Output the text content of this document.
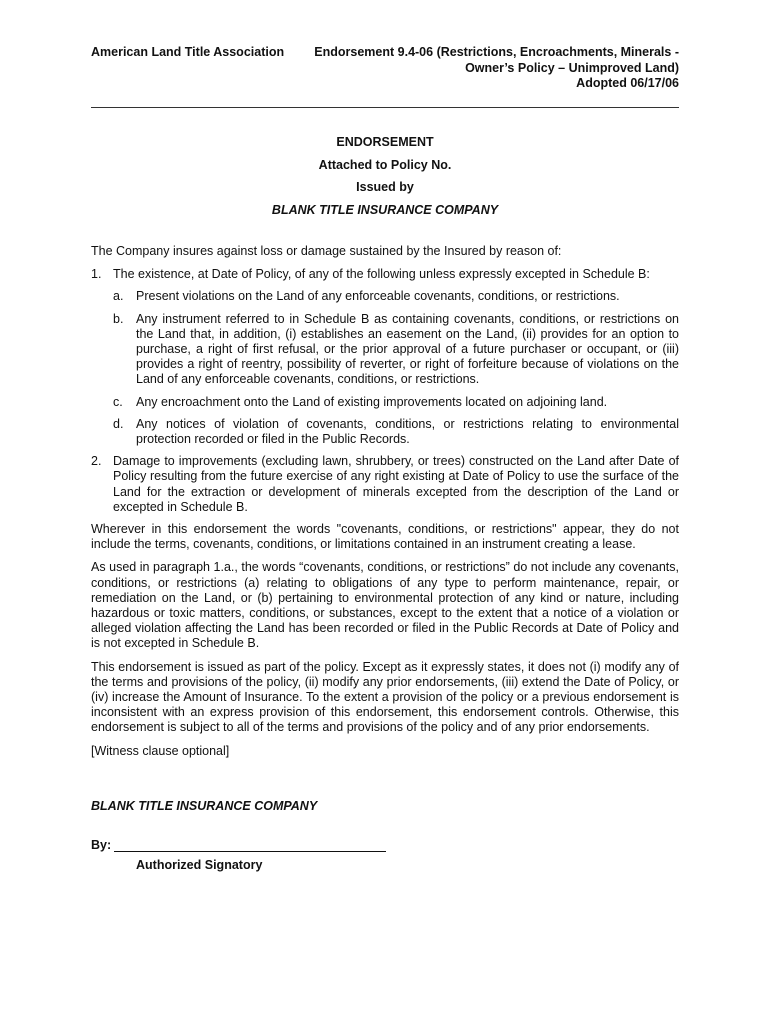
American Land Title Association Endorsement 9.4-06 (Restrictions, Encroachments, Minerals -
Owner’s Policy – Unimproved Land)
Adopted 06/17/06
ENDORSEMENT
Attached to Policy No.
Issued by
BLANK TITLE INSURANCE COMPANY

The Company insures against loss or damage sustained by the Insured by reason of:

1. The existence, at Date of Policy, of any of the following unless expressly excepted in Schedule B:
a.	Present violations on the Land of any enforceable covenants, conditions, or restrictions.
b.	Any instrument referred to in Schedule B as containing covenants, conditions, or restrictions on the Land that, in addition, (i) establishes an easement on the Land, (ii) provides for an option to purchase, a right of first refusal, or the prior approval of a future purchaser or occupant, or (iii) provides a right of reentry, possibility of reverter, or right of forfeiture because of violations on the Land of any enforceable covenants, conditions, or restrictions.
c.	Any encroachment onto the Land of existing improvements located on adjoining land.
d.	Any notices of violation of covenants, conditions, or restrictions relating to environmental protection recorded or filed in the Public Records.
2. Damage to improvements (excluding lawn, shrubbery, or trees) constructed on the Land after Date of Policy resulting from the future exercise of any right existing at Date of Policy to use the surface of the Land for the extraction or development of minerals excepted from the description of the Land or excepted in Schedule B.

Wherever in this endorsement the words "covenants, conditions, or restrictions" appear, they do not include the terms, covenants, conditions, or limitations contained in an instrument creating a lease.

As used in paragraph 1.a., the words “covenants, conditions, or restrictions” do not include any covenants, conditions, or restrictions (a) relating to obligations of any type to perform maintenance, repair, or remediation on the Land, or (b) pertaining to environmental protection of any kind or nature, including hazardous or toxic matters, conditions, or substances, except to the extent that a notice of a violation or alleged violation affecting the Land has been recorded or filed in the Public Records at Date of Policy and is not excepted in Schedule B.

This endorsement is issued as part of the policy. Except as it expressly states, it does not (i) modify any of the terms and provisions of the policy, (ii) modify any prior endorsements, (iii) extend the Date of Policy, or (iv) increase the Amount of Insurance. To the extent a provision of the policy or a previous endorsement is inconsistent with an express provision of this endorsement, this endorsement controls. Otherwise, this endorsement is subject to all of the terms and provisions of the policy and of any prior endorsements.

[Witness clause optional]

BLANK TITLE INSURANCE COMPANY
By:
Authorized Signatory
